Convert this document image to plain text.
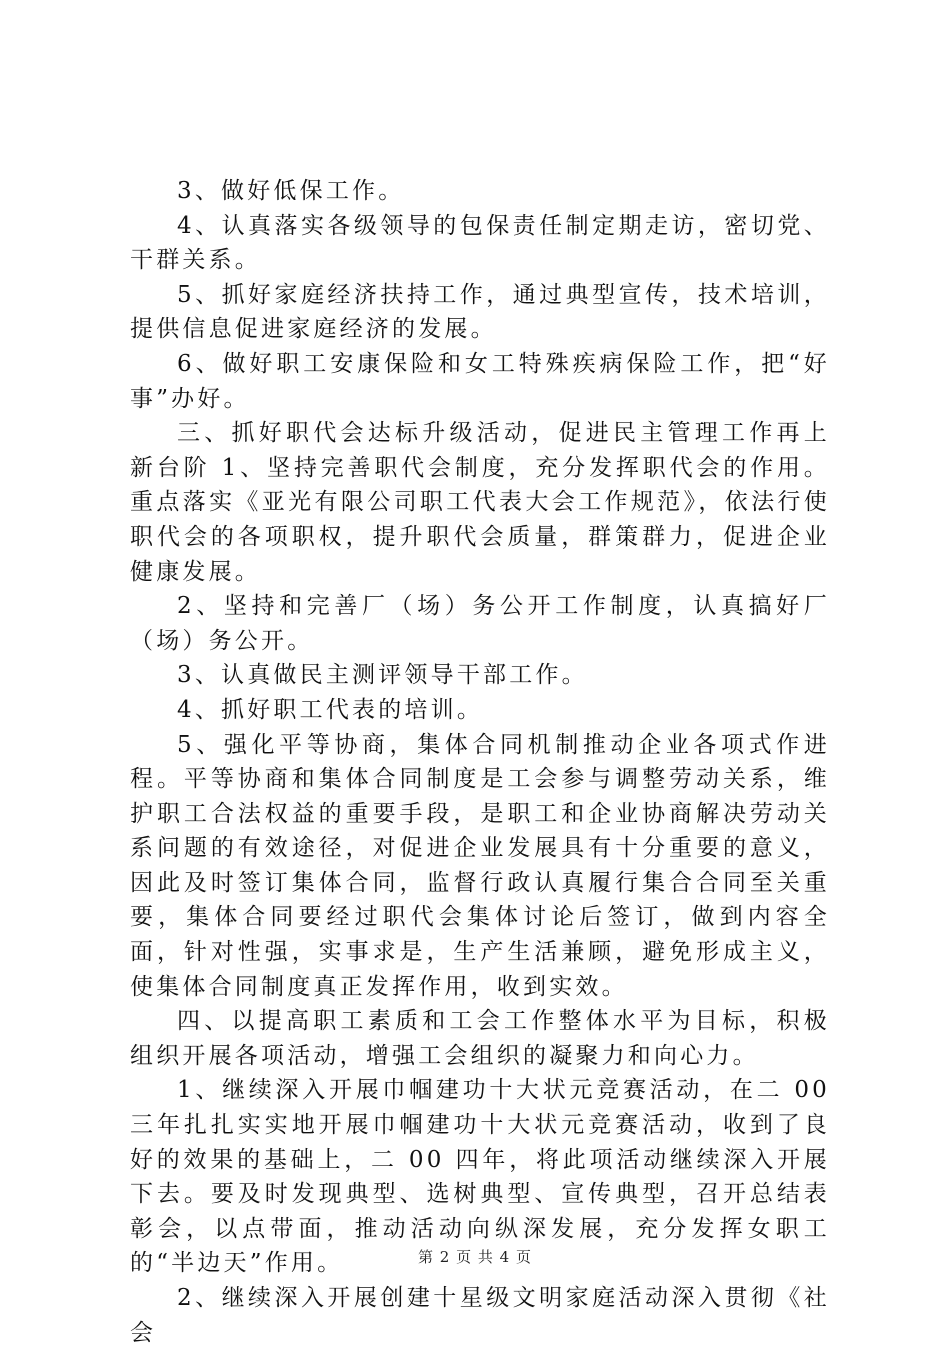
3、做好低保工作。

4、认真落实各级领导的包保责任制定期走访，密切党、干群关系。

5、抓好家庭经济扶持工作，通过典型宣传，技术培训，提供信息促进家庭经济的发展。

6、做好职工安康保险和女工特殊疾病保险工作，把“好事”办好。

三、抓好职代会达标升级活动，促进民主管理工作再上新台阶 1、坚持完善职代会制度，充分发挥职代会的作用。重点落实《亚光有限公司职工代表大会工作规范》，依法行使职代会的各项职权，提升职代会质量，群策群力，促进企业健康发展。

2、坚持和完善厂（场）务公开工作制度，认真搞好厂（场）务公开。

3、认真做民主测评领导干部工作。

4、抓好职工代表的培训。

5、强化平等协商，集体合同机制推动企业各项式作进程。平等协商和集体合同制度是工会参与调整劳动关系，维护职工合法权益的重要手段，是职工和企业协商解决劳动关系问题的有效途径，对促进企业发展具有十分重要的意义，因此及时签订集体合同，监督行政认真履行集合合同至关重要，集体合同要经过职代会集体讨论后签订，做到内容全面，针对性强，实事求是，生产生活兼顾，避免形成主义，使集体合同制度真正发挥作用，收到实效。

四、以提高职工素质和工会工作整体水平为目标，积极组织开展各项活动，增强工会组织的凝聚力和向心力。

1、继续深入开展巾帼建功十大状元竞赛活动，在二 00 三年扎扎实实地开展巾帼建功十大状元竞赛活动，收到了良好的效果的基础上，二 00 四年，将此项活动继续深入开展下去。要及时发现典型、选树典型、宣传典型，召开总结表彰会，以点带面，推动活动向纵深发展，充分发挥女职工的“半边天”作用。

2、继续深入开展创建十星级文明家庭活动深入贯彻《社会

第 2 页 共 4 页
